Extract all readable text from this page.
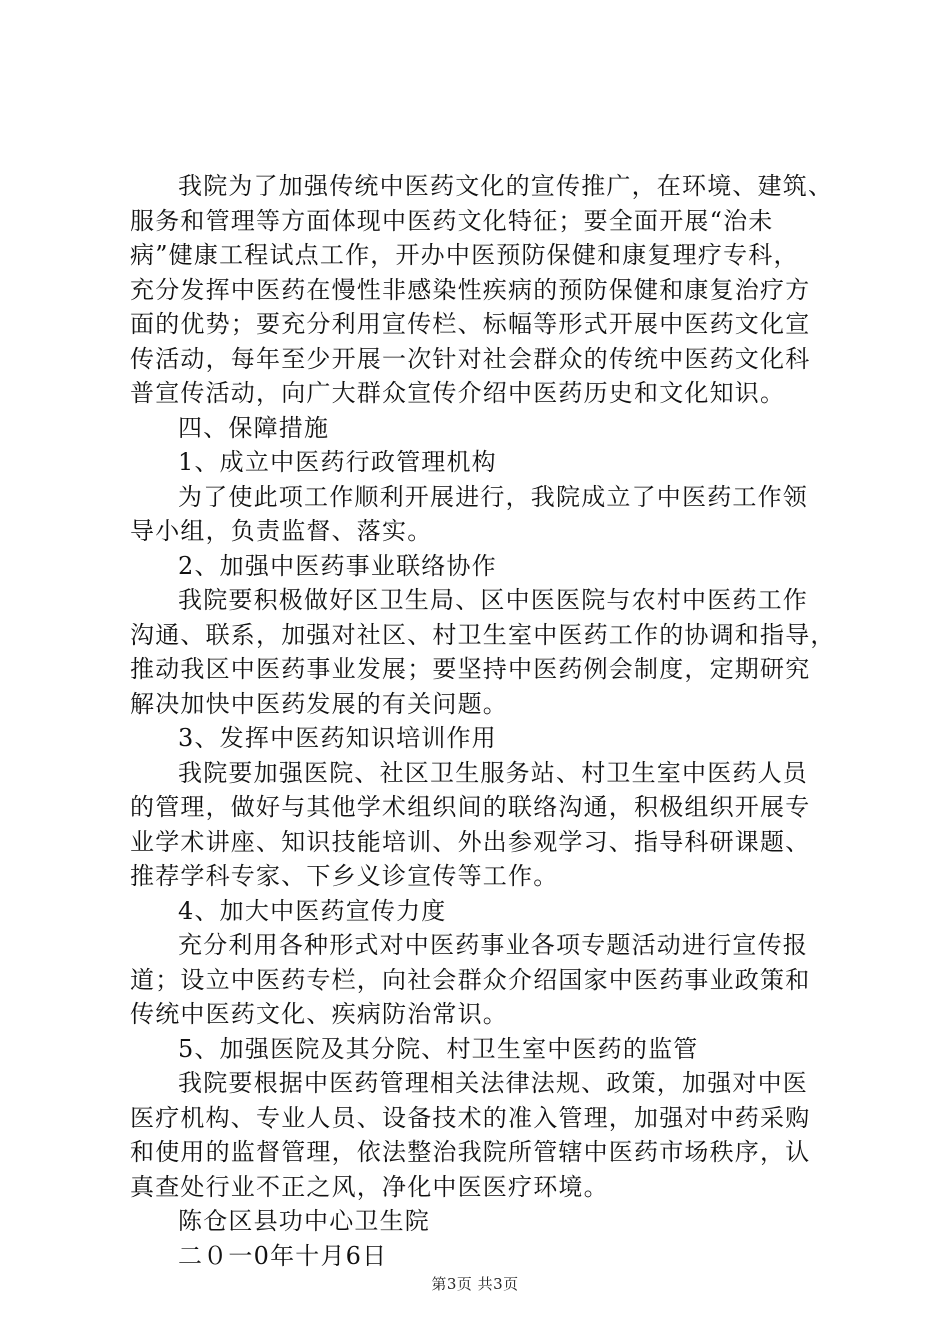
我院为了加强传统中医药文化的宣传推广，在环境、建筑、
服务和管理等方面体现中医药文化特征；要全面开展“治未
病”健康工程试点工作，开办中医预防保健和康复理疗专科，
充分发挥中医药在慢性非感染性疾病的预防保健和康复治疗方
面的优势；要充分利用宣传栏、标幅等形式开展中医药文化宣
传活动，每年至少开展一次针对社会群众的传统中医药文化科
普宣传活动，向广大群众宣传介绍中医药历史和文化知识。
四、保障措施
1、成立中医药行政管理机构
为了使此项工作顺利开展进行，我院成立了中医药工作领
导小组，负责监督、落实。
2、加强中医药事业联络协作
我院要积极做好区卫生局、区中医医院与农村中医药工作
沟通、联系，加强对社区、村卫生室中医药工作的协调和指导，
推动我区中医药事业发展；要坚持中医药例会制度，定期研究
解决加快中医药发展的有关问题。
3、发挥中医药知识培训作用
我院要加强医院、社区卫生服务站、村卫生室中医药人员
的管理，做好与其他学术组织间的联络沟通，积极组织开展专
业学术讲座、知识技能培训、外出参观学习、指导科研课题、
推荐学科专家、下乡义诊宣传等工作。
4、加大中医药宣传力度
充分利用各种形式对中医药事业各项专题活动进行宣传报
道；设立中医药专栏，向社会群众介绍国家中医药事业政策和
传统中医药文化、疾病防治常识。
5、加强医院及其分院、村卫生室中医药的监管
我院要根据中医药管理相关法律法规、政策，加强对中医
医疗机构、专业人员、设备技术的准入管理，加强对中药采购
和使用的监督管理，依法整治我院所管辖中医药市场秩序，认
真查处行业不正之风，净化中医医疗环境。
陈仓区县功中心卫生院
二０一0年十月6日
第3页 共3页
